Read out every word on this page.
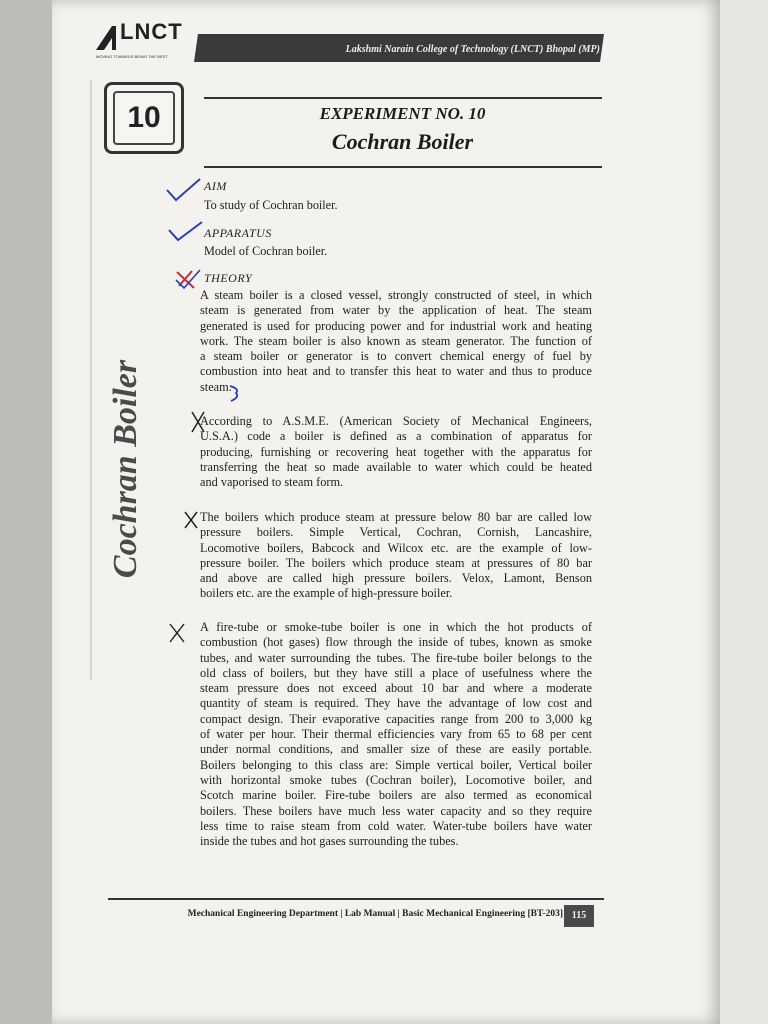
LNCT
MOVING TOWARDS BEING THE BEST
Lakshmi Narain College of Technology (LNCT) Bhopal (MP)
10	EXPERIMENT NO. 10
Cochran Boiler
Cochran Boiler
AIM
To study of Cochran boiler.
APPARATUS
Model of Cochran boiler.
THEORY
A steam boiler is a closed vessel, strongly constructed of steel, in which
steam is generated from water by the application of heat. The steam
generated is used for producing power and for industrial work and heating
work. The steam boiler is also known as steam generator. The function of
a steam boiler or generator is to convert chemical energy of fuel by
combustion into heat and to transfer this heat to water and thus to produce
steam.
According to A.S.M.E. (American Society of Mechanical Engineers,
U.S.A.) code a boiler is defined as a combination of apparatus for
producing, furnishing or recovering heat together with the apparatus for
transferring the heat so made available to water which could be heated
and vaporised to steam form.
The boilers which produce steam at pressure below 80 bar are called low
pressure boilers. Simple Vertical, Cochran, Cornish, Lancashire,
Locomotive boilers, Babcock and Wilcox etc. are the example of low-
pressure boiler. The boilers which produce steam at pressures of 80 bar
and above are called high pressure boilers. Velox, Lamont, Benson
boilers etc. are the example of high-pressure boiler.
A fire-tube or smoke-tube boiler is one in which the hot products of
combustion (hot gases) flow through the inside of tubes, known as smoke
tubes, and water surrounding the tubes. The fire-tube boiler belongs to the
old class of boilers, but they have still a place of usefulness where the
steam pressure does not exceed about 10 bar and where a moderate
quantity of steam is required. They have the advantage of low cost and
compact design. Their evaporative capacities range from 200 to 3,000 kg
of water per hour. Their thermal efficiencies vary from 65 to 68 per cent
under normal conditions, and smaller size of these are easily portable.
Boilers belonging to this class are: Simple vertical boiler, Vertical boiler
with horizontal smoke tubes (Cochran boiler), Locomotive boiler, and
Scotch marine boiler. Fire-tube boilers are also termed as economical
boilers. These boilers have much less water capacity and so they require
less time to raise steam from cold water. Water-tube boilers have water
inside the tubes and hot gases surrounding the tubes.
Mechanical Engineering Department | Lab Manual | Basic Mechanical Engineering [BT-203] 115
